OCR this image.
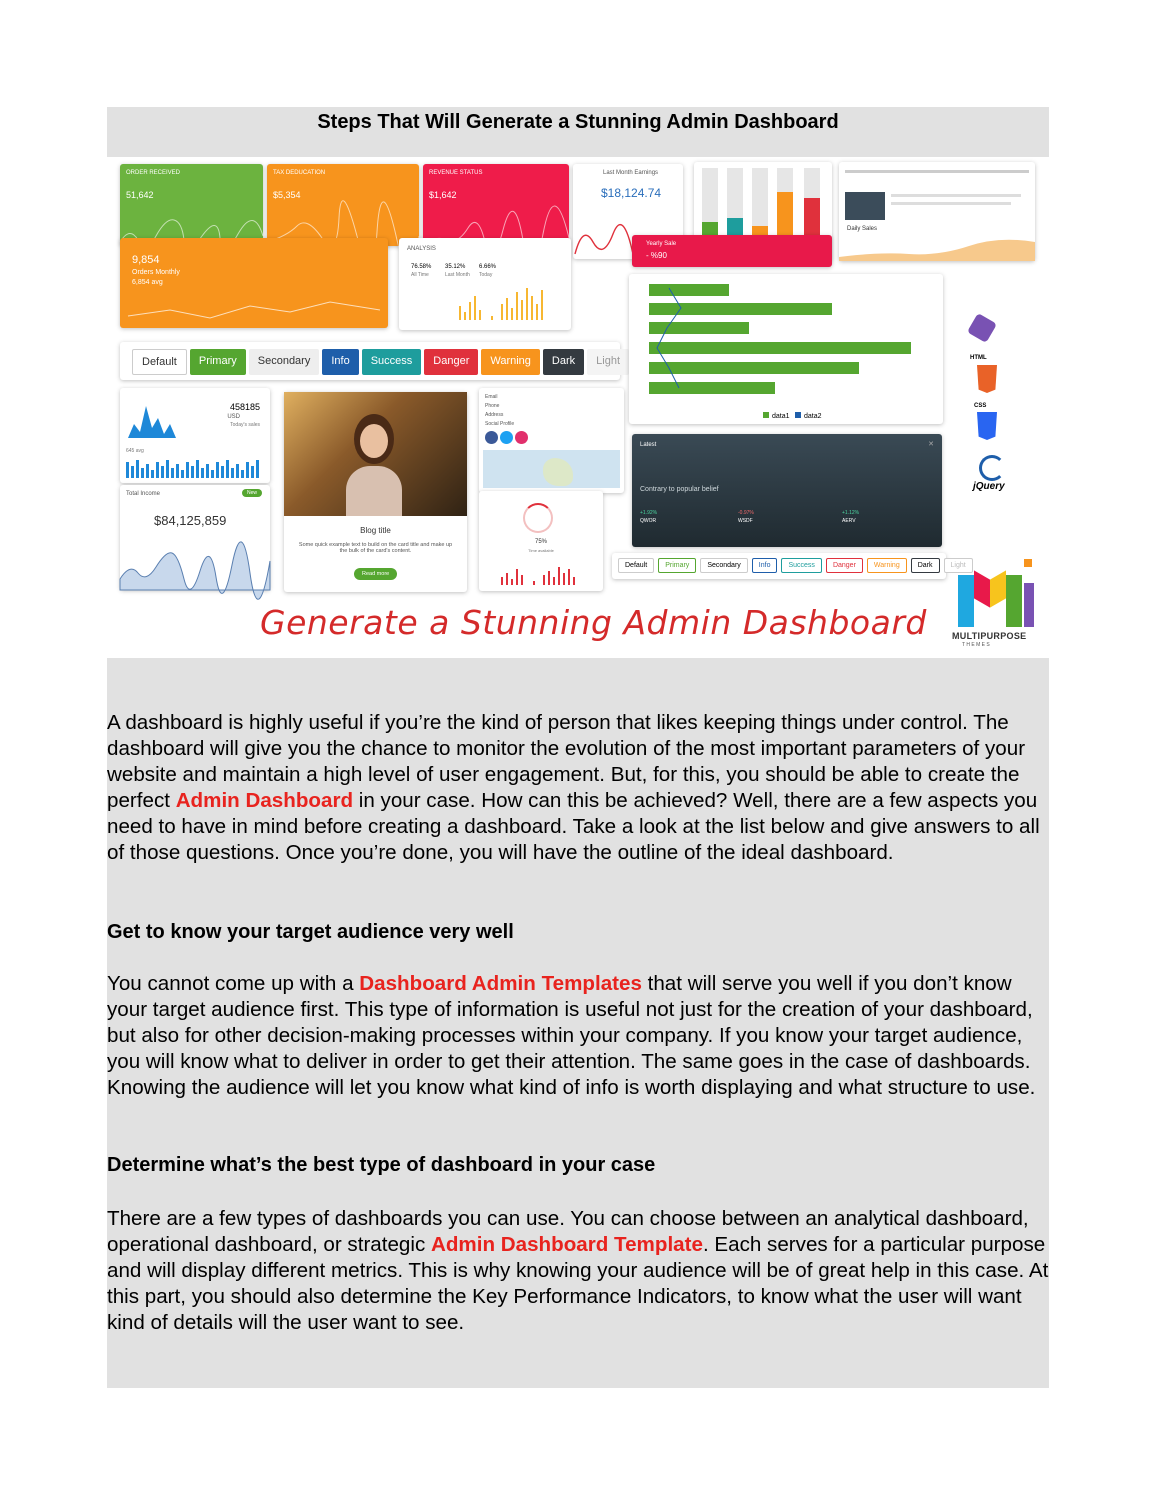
Steps That Will Generate a Stunning Admin Dashboard
ORDER RECEIVED
51,642
TAX DEDUCATION
$5,354
REVENUE STATUS
$1,642
Last Month Earnings
$18,124.74
Yearly Sale
- %90
Daily Sales
9,854
Orders Monthly
6,854 avg
ANALYSIS
76.58%
All Time
35.12%
Last Month
6.66%
Today
Default	Primary	Secondary	Info	Success	Danger	Warning	Dark	Light
data1 data2
HTML
CSS
jQuery
458185
USD
Today's sales
645 avg
Total Income	New
$84,125,859
Blog title
Some quick example text to build on the card title and make up the bulk of the card's content.
Read more
Email
Phone
Address
Social Profile
75%
Time available
Latest	✕
Contrary to popular belief
+1.92%
QWOR
-0.97%
WSDF
+1.12%
AERV
Default	Primary	Secondary	Info	Success	Danger	Warning	Dark	Light
Generate a Stunning Admin Dashboard	MULTIPURPOSE
T H E M E S

A dashboard is highly useful if you’re the kind of person that likes keeping things under control. The dashboard will give you the chance to monitor the evolution of the most important parameters of your website and maintain a high level of user engagement. But, for this, you should be able to create the perfect Admin Dashboard in your case. How can this be achieved? Well, there are a few aspects you need to have in mind before creating a dashboard. Take a look at the list below and give answers to all of those questions. Once you’re done, you will have the outline of the ideal dashboard.

Get to know your target audience very well

You cannot come up with a Dashboard Admin Templates that will serve you well if you don’t know your target audience first. This type of information is useful not just for the creation of your dashboard, but also for other decision-making processes within your company. If you know your target audience, you will know what to deliver in order to get their attention. The same goes in the case of dashboards. Knowing the audience will let you know what kind of info is worth displaying and what structure to use.

Determine what’s the best type of dashboard in your case

There are a few types of dashboards you can use. You can choose between an analytical dashboard, operational dashboard, or strategic Admin Dashboard Template. Each serves for a particular purpose and will display different metrics. This is why knowing your audience will be of great help in this case. At this part, you should also determine the Key Performance Indicators, to know what the user will want kind of details will the user want to see.
